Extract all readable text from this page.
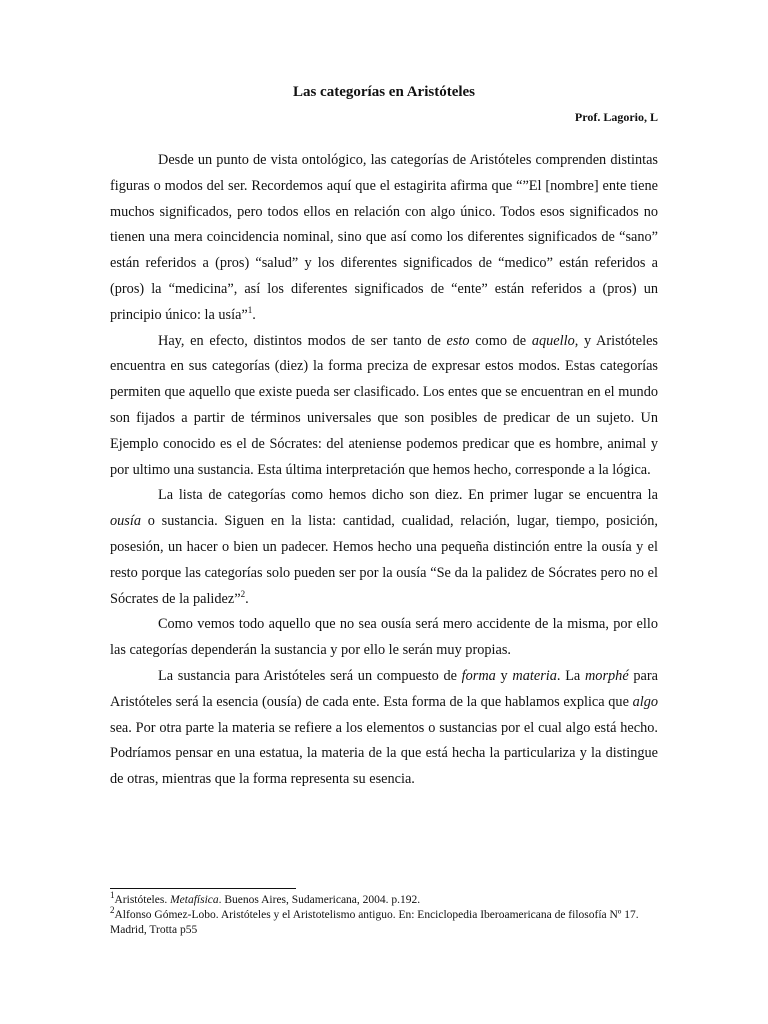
Las categorías en Aristóteles
Prof. Lagorio, L

Desde un punto de vista ontológico, las categorías de Aristóteles comprenden distintas figuras o modos del ser. Recordemos aquí que el estagirita afirma que “”El [nombre] ente tiene muchos significados, pero todos ellos en relación con algo único. Todos esos significados no tienen una mera coincidencia nominal, sino que así como los diferentes significados de “sano” están referidos a (pros) “salud” y los diferentes significados de “medico” están referidos a (pros) la “medicina”, así los diferentes significados de “ente” están referidos a (pros) un principio único: la usía”$^1$.

Hay, en efecto, distintos modos de ser tanto de esto como de aquello, y Aristóteles encuentra en sus categorías (diez) la forma preciza de expresar estos modos. Estas categorías permiten que aquello que existe pueda ser clasificado. Los entes que se encuentran en el mundo son fijados a partir de términos universales que son posibles de predicar de un sujeto. Un Ejemplo conocido es el de Sócrates: del ateniense podemos predicar que es hombre, animal y por ultimo una sustancia. Esta última interpretación que hemos hecho, corresponde a la lógica.

La lista de categorías como hemos dicho son diez. En primer lugar se encuentra la ousía o sustancia. Siguen en la lista: cantidad, cualidad, relación, lugar, tiempo, posición, posesión, un hacer o bien un padecer. Hemos hecho una pequeña distinción entre la ousía y el resto porque las categorías solo pueden ser por la ousía “Se da la palidez de Sócrates pero no el Sócrates de la palidez”$^2$.

Como vemos todo aquello que no sea ousía será mero accidente de la misma, por ello las categorías dependerán la sustancia y por ello le serán muy propias.

La sustancia para Aristóteles será un compuesto de forma y materia. La morphé para Aristóteles será la esencia (ousía) de cada ente. Esta forma de la que hablamos explica que algo sea. Por otra parte la materia se refiere a los elementos o sustancias por el cual algo está hecho. Podríamos pensar en una estatua, la materia de la que está hecha la particulariza y la distingue de otras, mientras que la forma representa su esencia.

$^1$Aristóteles. Metafísica. Buenos Aires, Sudamericana, 2004. p.192.
$^2$Alfonso Gómez-Lobo. Aristóteles y el Aristotelismo antiguo. En: Enciclopedia Iberoamericana de filosofía Nº 17. Madrid, Trotta p55
